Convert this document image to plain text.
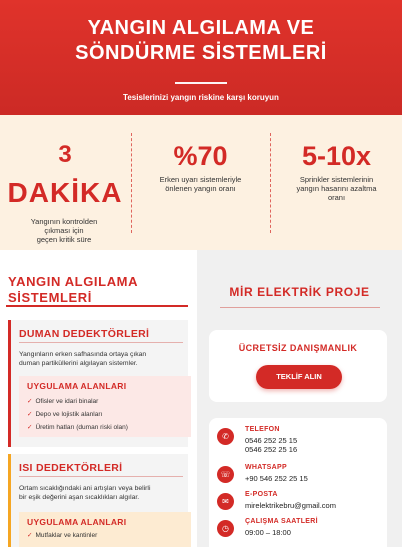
YANGIN ALGILAMA VE
SÖNDÜRME SİSTEMLERİ
Tesislerinizi yangın riskine karşı koruyun
3
DAKİKA
Yangının kontrolden
çıkması için
geçen kritik süre
%70
Erken uyarı sistemleriyle
önlenen yangın oranı
5-10x
Sprinkler sistemlerinin
yangın hasarını azaltma
oranı
YANGIN ALGILAMA
SİSTEMLERİ
DUMAN DEDEKTÖRLERİ

Yangınların erken safhasında ortaya çıkan
duman partiküllerini algılayan sistemler.

UYGULAMA ALANLARI
✓ Ofisler ve idari binalar
✓ Depo ve lojistik alanları
✓ Üretim hatları (duman riski olan)
ISI DEDEKTÖRLERİ

Ortam sıcaklığındaki ani artışları veya belirli
bir eşik değerini aşan sıcaklıkları algılar.

UYGULAMA ALANLARI
✓ Mutfaklar ve kantinler
MİR ELEKTRİK PROJE
ÜCRETSİZ DANIŞMANLIK
TEKLİF ALIN
✆
TELEFON
0546 252 25 15
0546 252 25 16
☏
WHATSAPP
+90 546 252 25 15
✉
E-POSTA
mirelektrikebru@gmail.com
◷
ÇALIŞMA SAATLERİ
09:00 – 18:00
